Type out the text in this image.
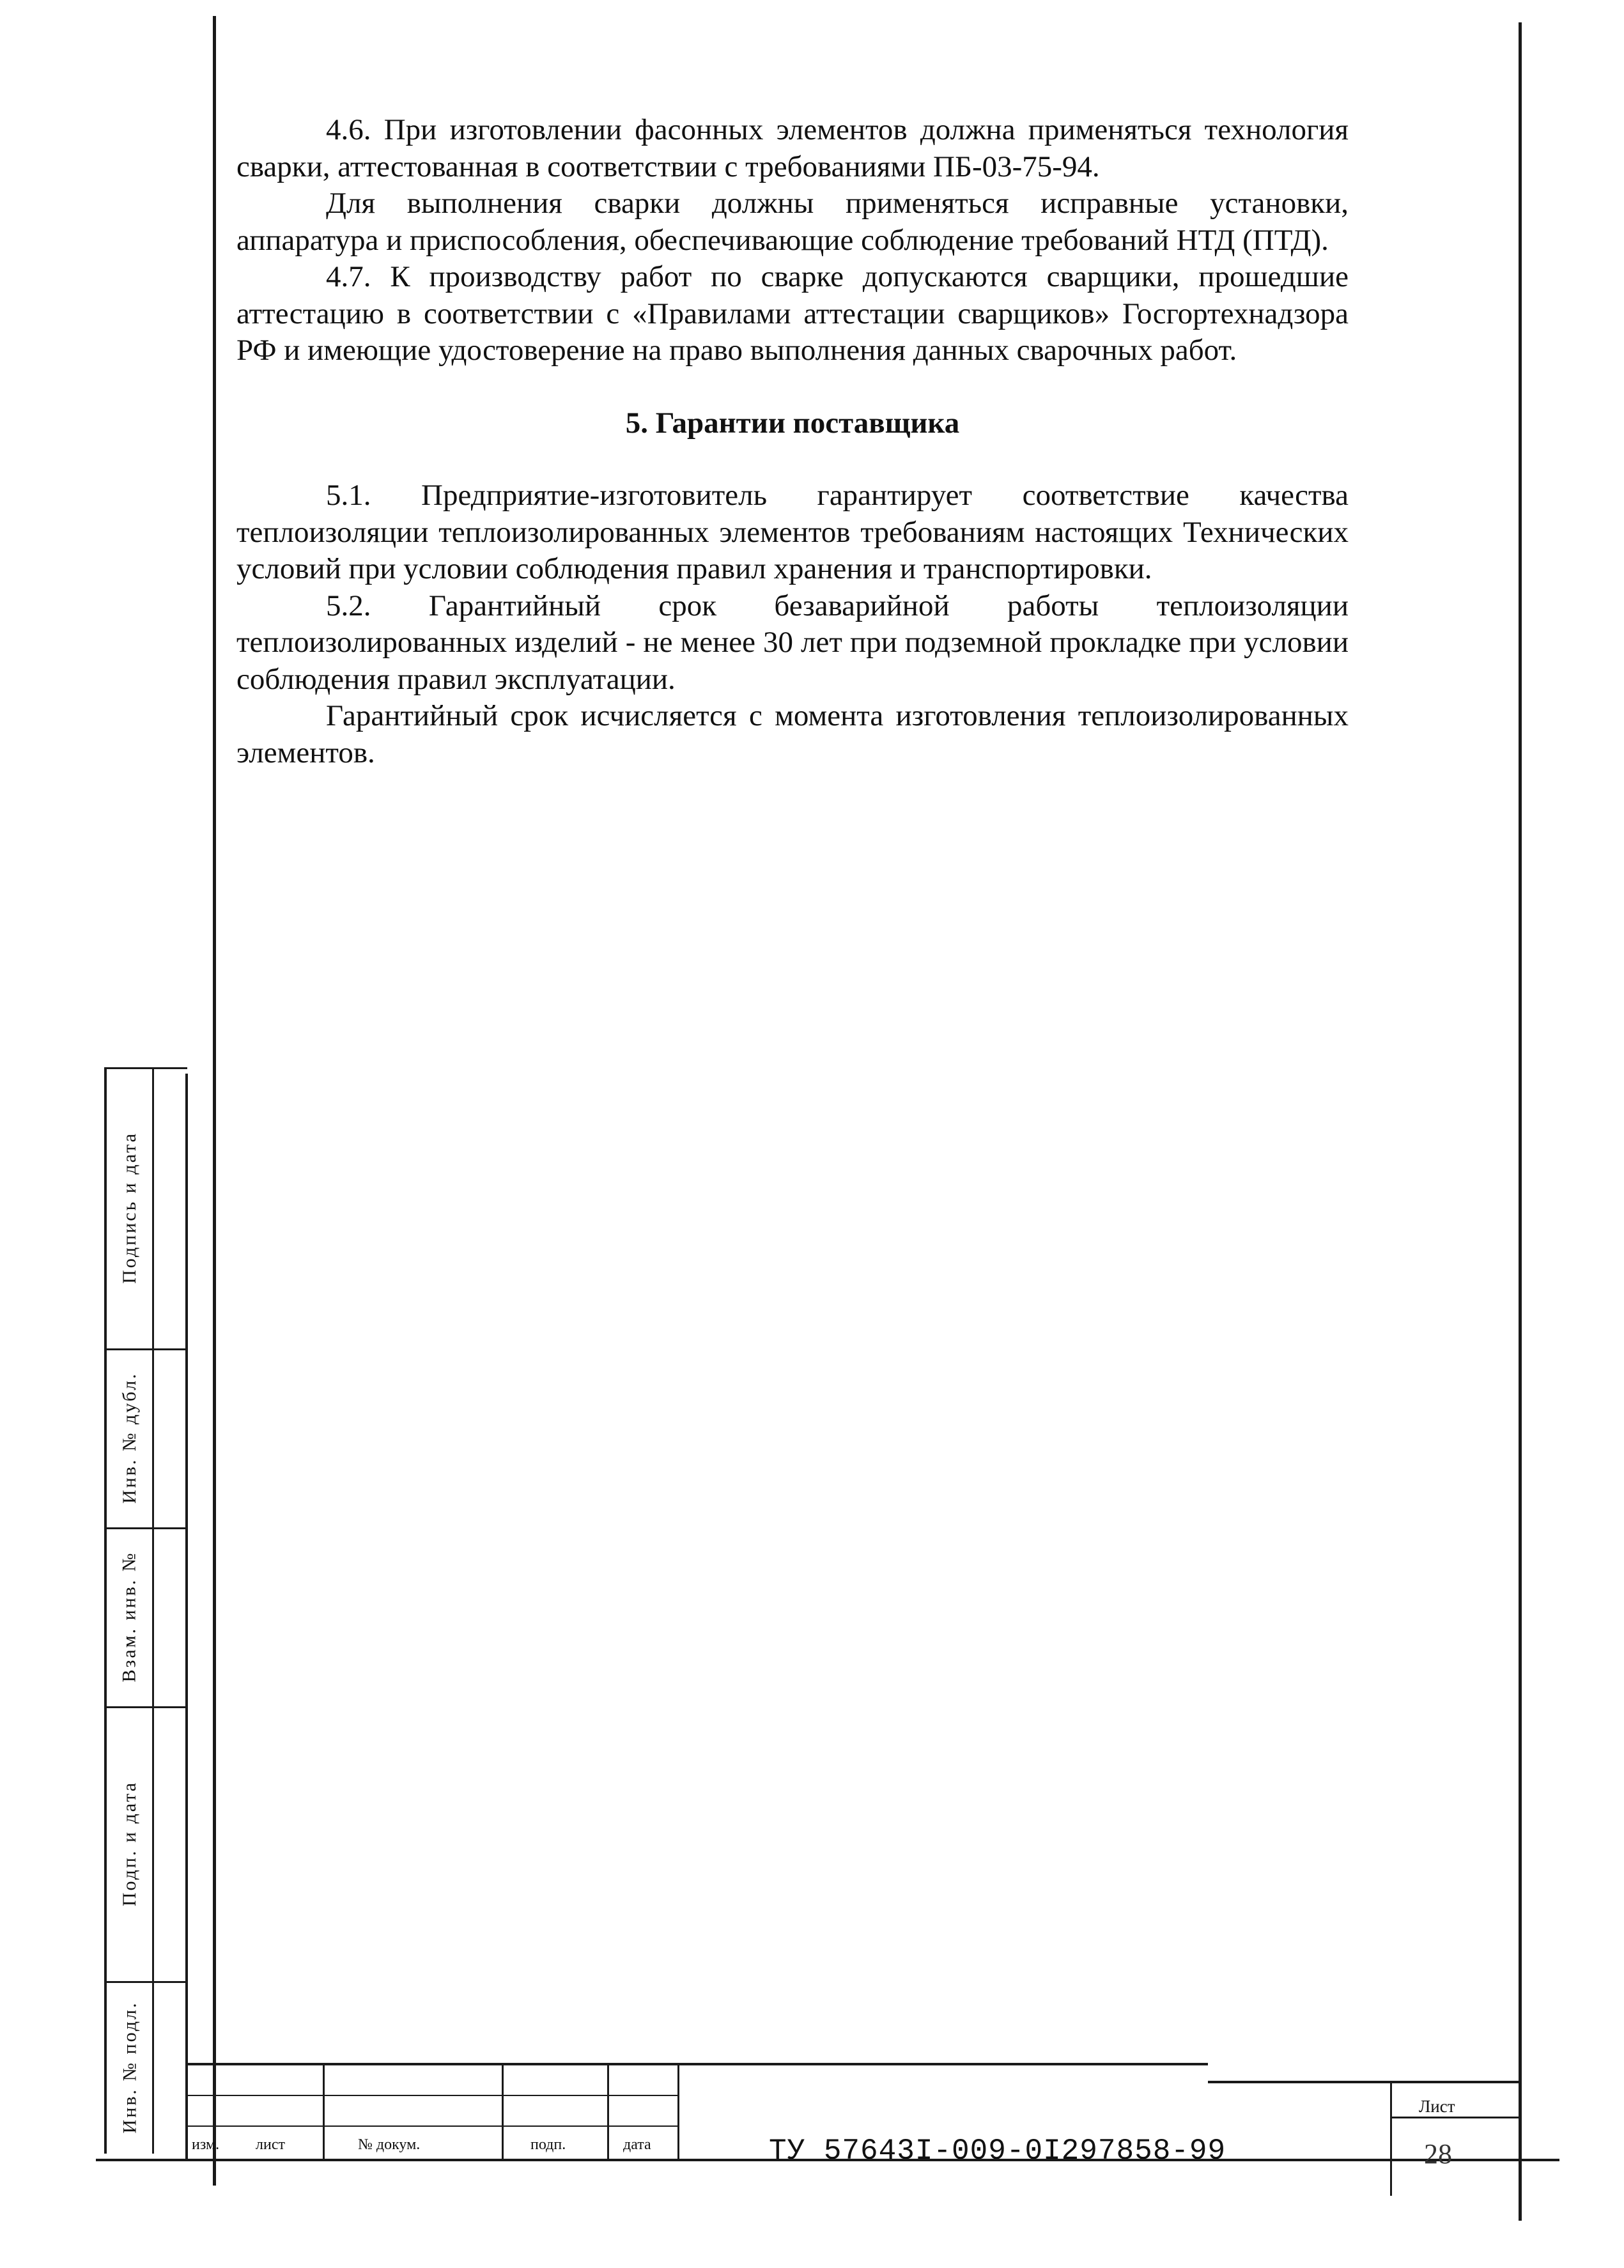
4.6. При изготовлении фасонных элементов должна применяться технология сварки, аттестованная в соответствии с требованиями ПБ-03-75-94.

Для выполнения сварки должны применяться исправные установки, аппаратура и приспособления, обеспечивающие соблюдение требований НТД (ПТД).

4.7. К производству работ по сварке допускаются сварщики, прошедшие аттестацию в соответствии с «Правилами аттестации сварщиков» Госгортехнадзора РФ и имеющие удостоверение на право выполнения данных сварочных работ.

5. Гарантии поставщика

5.1. Предприятие-изготовитель гарантирует соответствие качества теплоизоляции теплоизолированных элементов требованиям настоящих Технических условий при условии соблюдения правил хранения и транспортировки.

5.2. Гарантийный срок безаварийной работы теплоизоляции теплоизолированных изделий - не менее 30 лет при подземной прокладке при условии соблюдения правил эксплуатации.

Гарантийный срок исчисляется с момента изготовления теплоизолированных элементов.

Подпись и дата
Инв. № дубл.
Взам. инв. №
Подп. и дата
Инв. № подл.
изм. лист	№ докум.	подп.	дата	ТУ 57643I-009-0I297858-99
Лист
28
